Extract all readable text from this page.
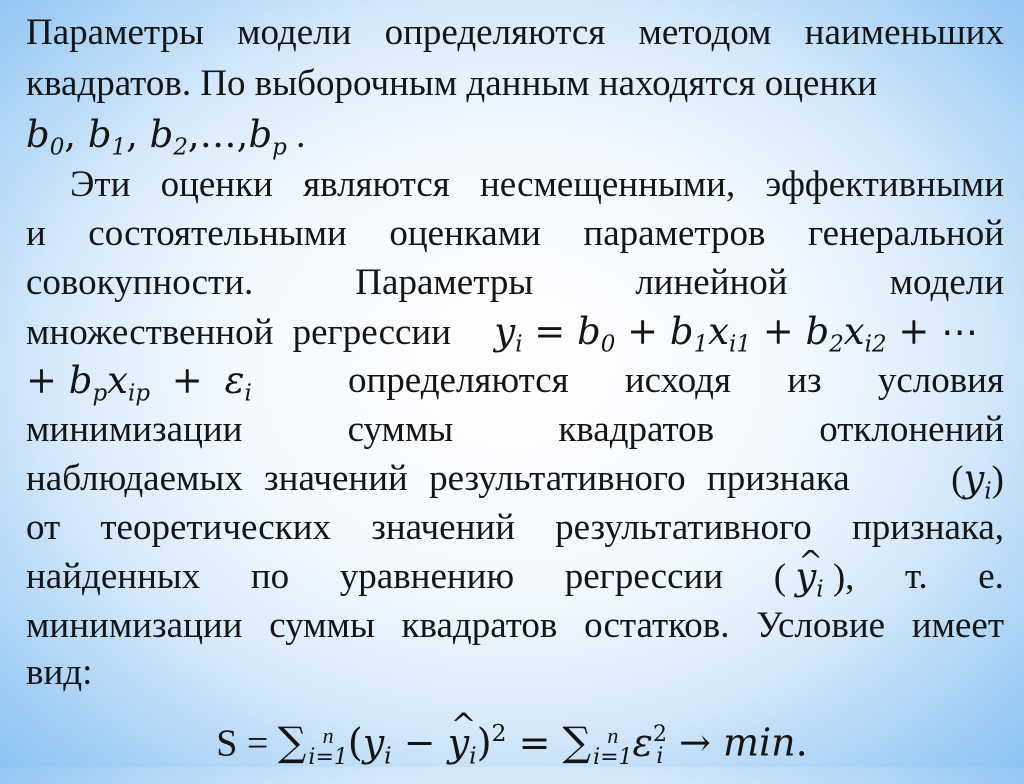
Параметры модели определяются методом наименьших
квадратов. По выборочным данным находятся оценки
$b_0$, $b_1$, $b_2,\dots,b_p$ .
Эти оценки являются несмещенными, эффективными
и состоятельными оценками параметров генеральной
совокупности.	Параметры	линейной	модели
множественной регрессии $y_i = b_0 + b_1x_{i1} + b_2x_{i2}$ + ⋯
+ $b_px_{ip} + \varepsilon_i$	определяются исходя из условия
минимизации	суммы	квадратов	отклонений
наблюдаемых значений результативного признака	$(y_i)$
от теоретических значений результативного признака,
найденных по уравнению регрессии ( ^ $y_i$ ), т. е.
минимизации суммы квадратов остатков. Условие имеет
вид:
S = ∑ n
i=1 ($y_i$ − ^ $y_i)^2$ = ∑ n
i=1 ε 2
i → min.
